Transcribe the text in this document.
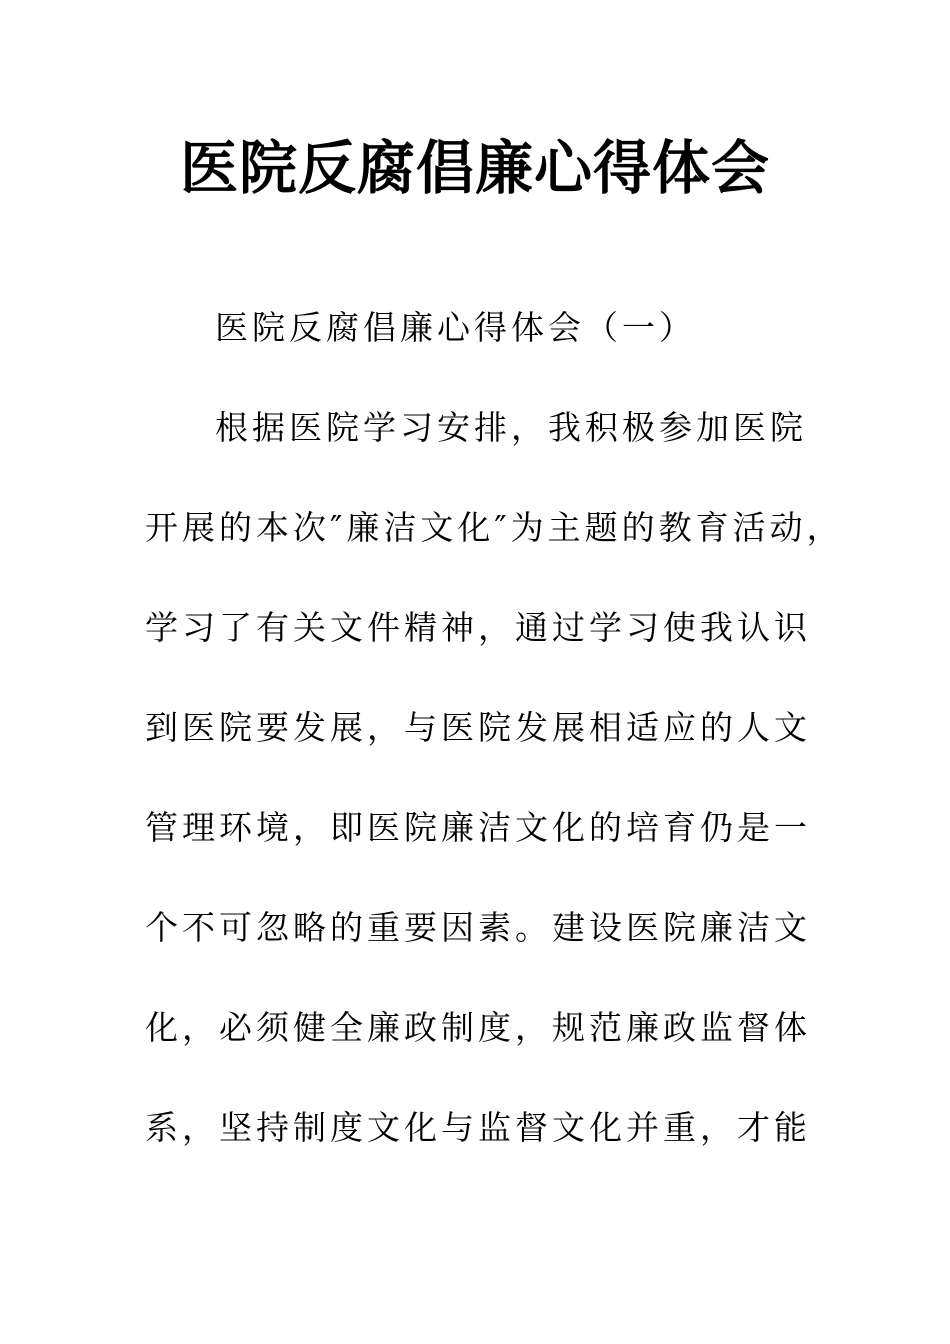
医院反腐倡廉心得体会
医院反腐倡廉心得体会（一）
根据医院学习安排，我积极参加医院
开展的本次″廉洁文化″为主题的教育活动，
学习了有关文件精神，通过学习使我认识
到医院要发展，与医院发展相适应的人文
管理环境，即医院廉洁文化的培育仍是一
个不可忽略的重要因素。建设医院廉洁文
化，必须健全廉政制度，规范廉政监督体
系，坚持制度文化与监督文化并重，才能
